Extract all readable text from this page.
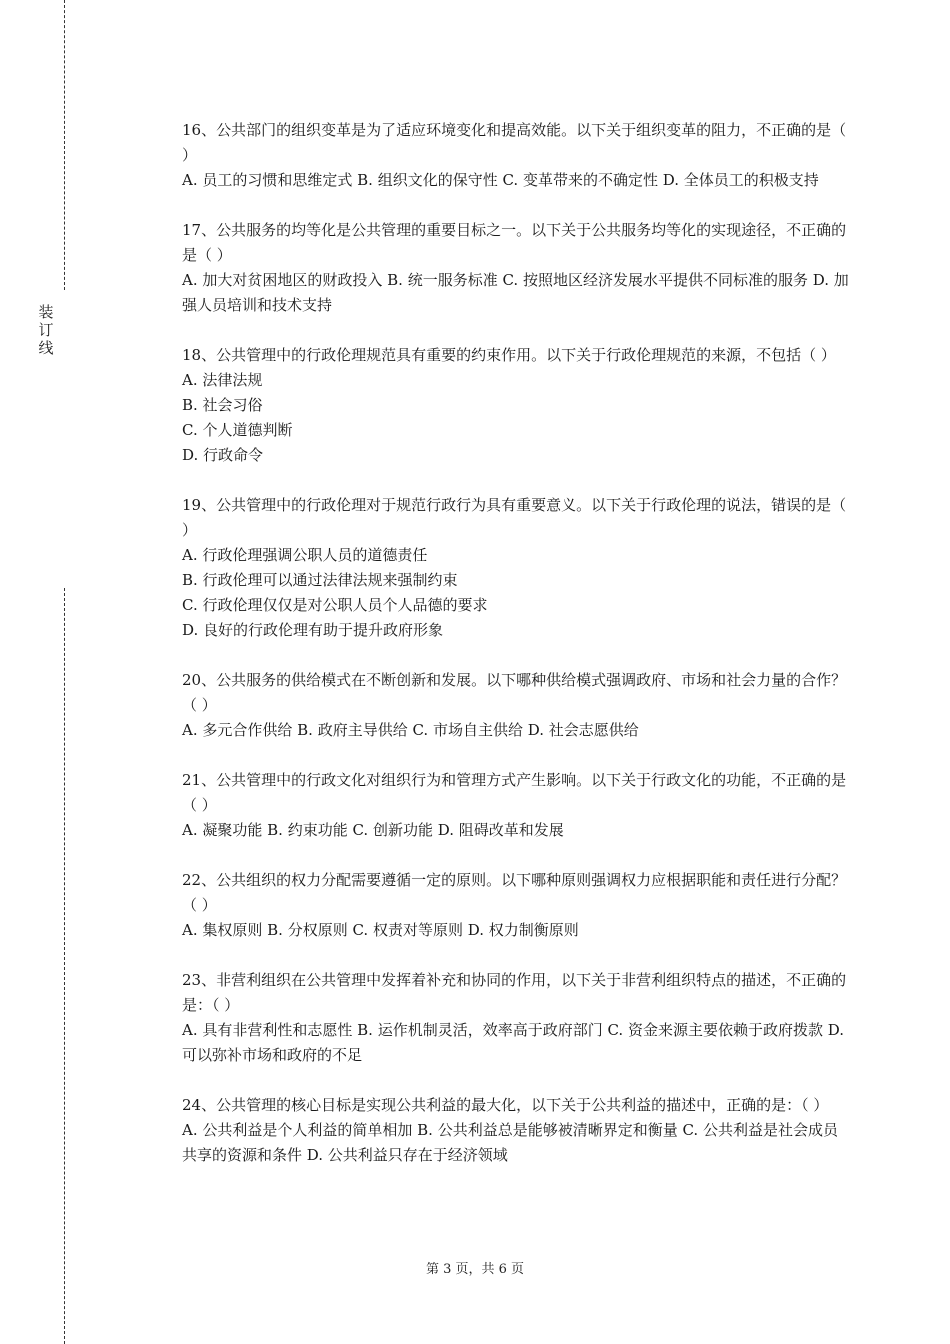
装
订
线

16、公共部门的组织变革是为了适应环境变化和提高效能。以下关于组织变革的阻力，不正确的是（ ）

A. 员工的习惯和思维定式 B. 组织文化的保守性 C. 变革带来的不确定性 D. 全体员工的积极支持

17、公共服务的均等化是公共管理的重要目标之一。以下关于公共服务均等化的实现途径，不正确的是（ ）

A. 加大对贫困地区的财政投入 B. 统一服务标准 C. 按照地区经济发展水平提供不同标准的服务 D. 加强人员培训和技术支持

18、公共管理中的行政伦理规范具有重要的约束作用。以下关于行政伦理规范的来源，不包括（ ）

A. 法律法规

B. 社会习俗

C. 个人道德判断

D. 行政命令

19、公共管理中的行政伦理对于规范行政行为具有重要意义。以下关于行政伦理的说法，错误的是（ ）

A. 行政伦理强调公职人员的道德责任

B. 行政伦理可以通过法律法规来强制约束

C. 行政伦理仅仅是对公职人员个人品德的要求

D. 良好的行政伦理有助于提升政府形象

20、公共服务的供给模式在不断创新和发展。以下哪种供给模式强调政府、市场和社会力量的合作？（ ）

A. 多元合作供给 B. 政府主导供给 C. 市场自主供给 D. 社会志愿供给

21、公共管理中的行政文化对组织行为和管理方式产生影响。以下关于行政文化的功能，不正确的是（ ）

A. 凝聚功能 B. 约束功能 C. 创新功能 D. 阻碍改革和发展

22、公共组织的权力分配需要遵循一定的原则。以下哪种原则强调权力应根据职能和责任进行分配？（ ）

A. 集权原则 B. 分权原则 C. 权责对等原则 D. 权力制衡原则

23、非营利组织在公共管理中发挥着补充和协同的作用，以下关于非营利组织特点的描述，不正确的是：（ ）

A. 具有非营利性和志愿性 B. 运作机制灵活，效率高于政府部门 C. 资金来源主要依赖于政府拨款 D. 可以弥补市场和政府的不足

24、公共管理的核心目标是实现公共利益的最大化，以下关于公共利益的描述中，正确的是：（ ）

A. 公共利益是个人利益的简单相加 B. 公共利益总是能够被清晰界定和衡量 C. 公共利益是社会成员共享的资源和条件 D. 公共利益只存在于经济领域

第 3 页，共 6 页
